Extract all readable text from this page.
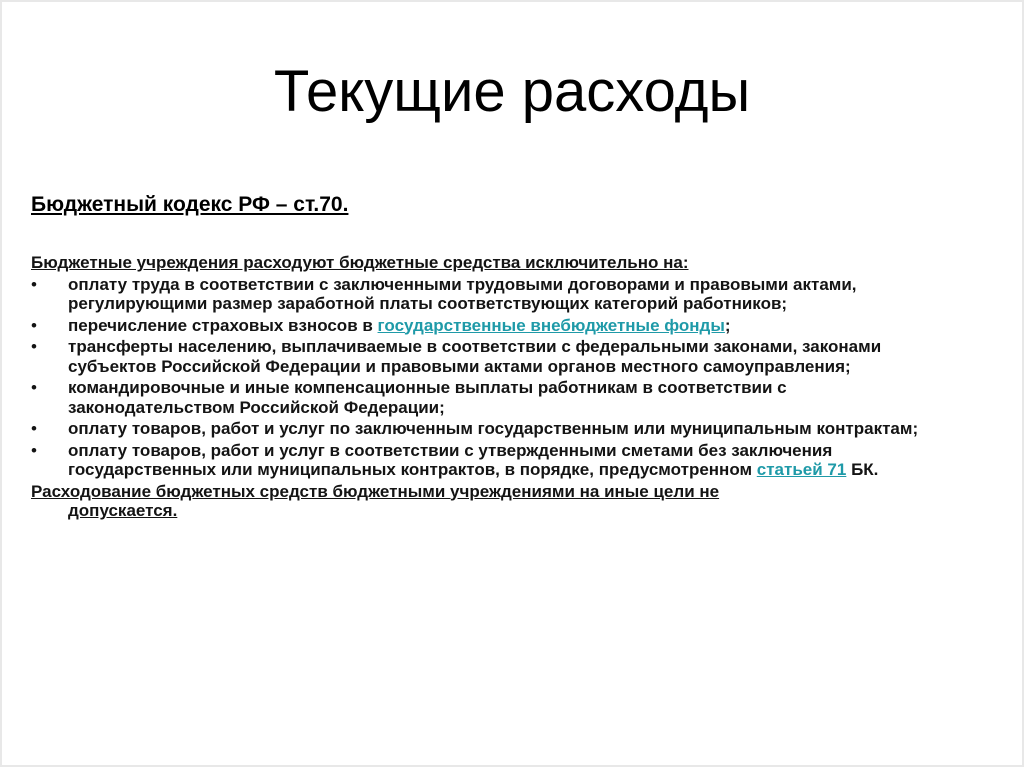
Текущие расходы

Бюджетный кодекс РФ – ст.70.

Бюджетные учреждения расходуют бюджетные средства исключительно на:

• оплату труда в соответствии с заключенными трудовыми договорами и правовыми актами, регулирующими размер заработной платы соответствующих категорий работников;
• перечисление страховых взносов в государственные внебюджетные фонды;
• трансферты населению, выплачиваемые в соответствии с федеральными законами, законами субъектов Российской Федерации и правовыми актами органов местного самоуправления;
• командировочные и иные компенсационные выплаты работникам в соответствии с законодательством Российской Федерации;
• оплату товаров, работ и услуг по заключенным государственным или муниципальным контрактам;
• оплату товаров, работ и услуг в соответствии с утвержденными сметами без заключения государственных или муниципальных контрактов, в порядке, предусмотренном статьей 71 БК.

Расходование бюджетных средств бюджетными учреждениями на иные цели не
допускается.
